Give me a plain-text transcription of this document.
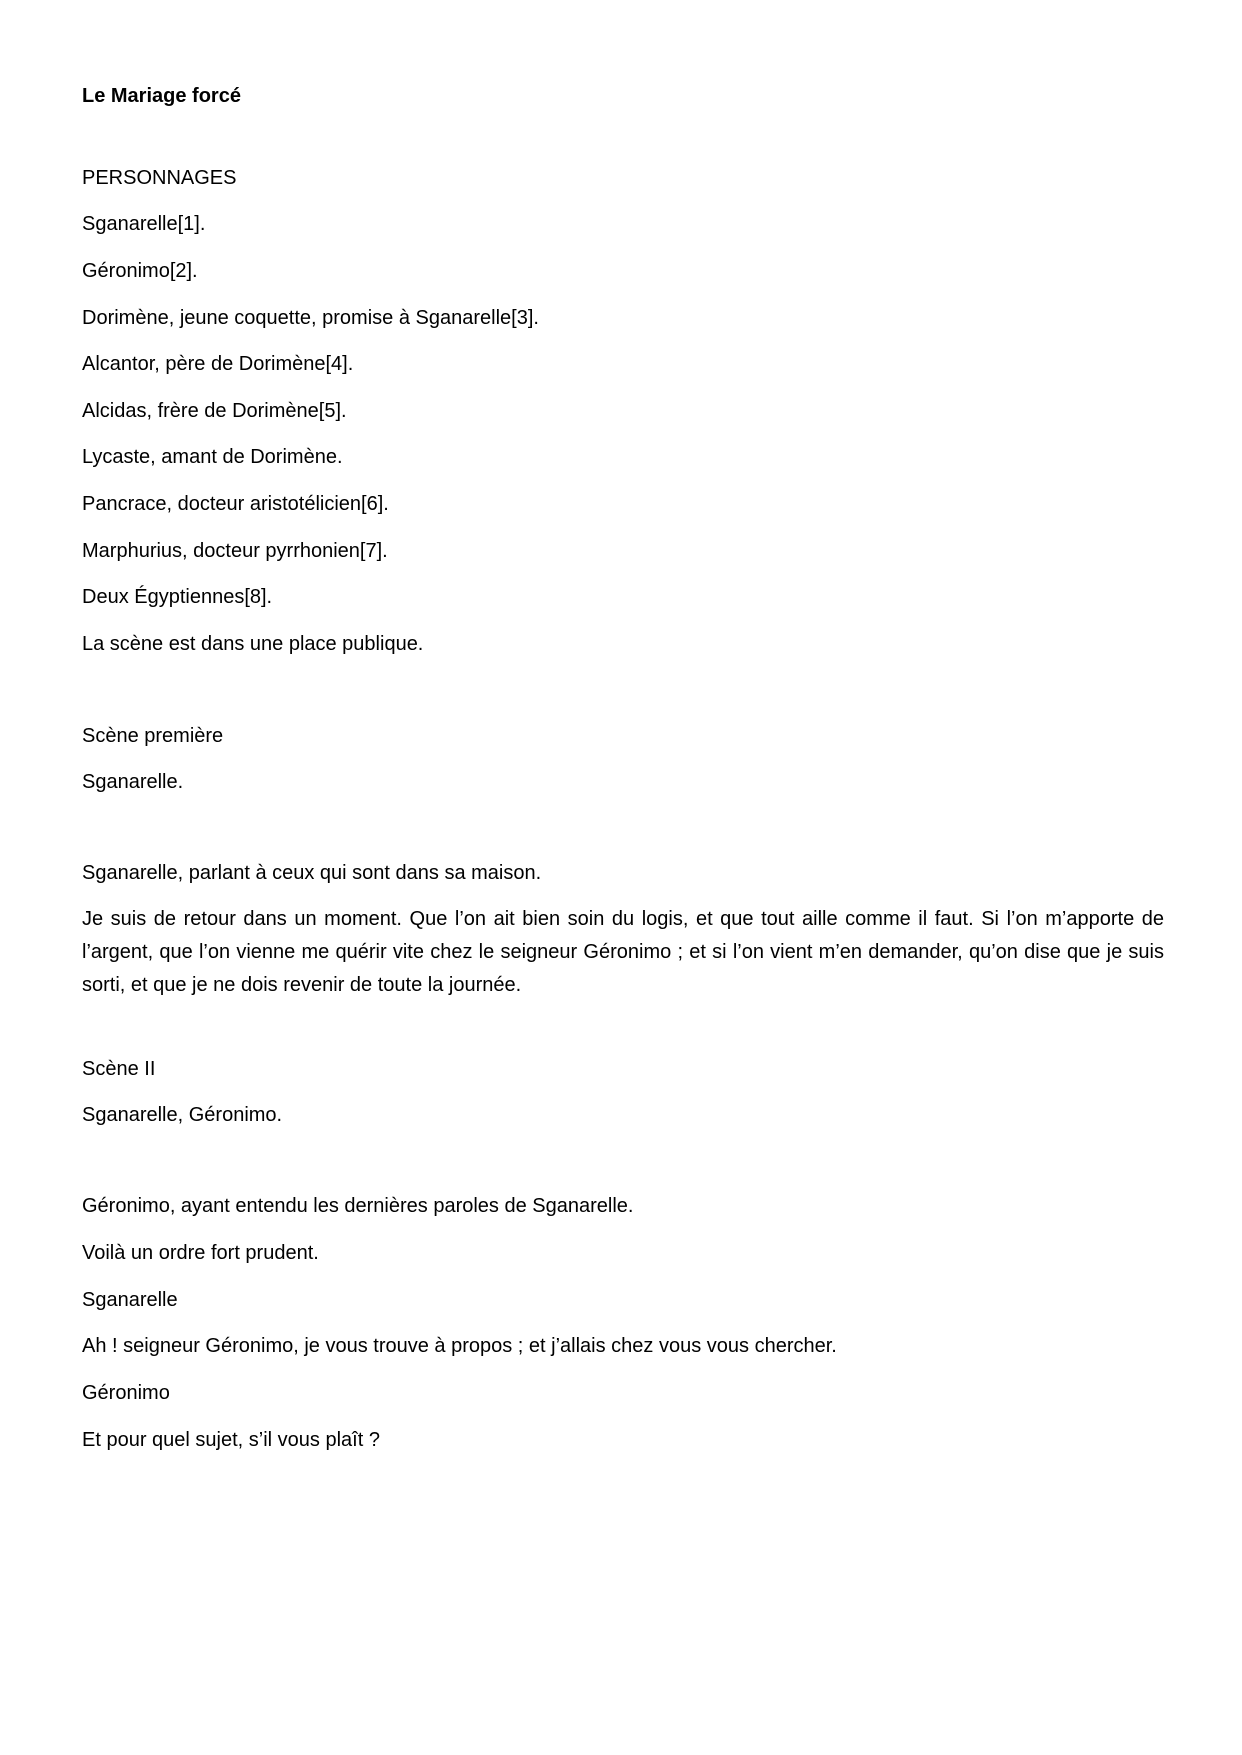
Le Mariage forcé

PERSONNAGES

Sganarelle[1].

Géronimo[2].

Dorimène, jeune coquette, promise à Sganarelle[3].

Alcantor, père de Dorimène[4].

Alcidas, frère de Dorimène[5].

Lycaste, amant de Dorimène.

Pancrace, docteur aristotélicien[6].

Marphurius, docteur pyrrhonien[7].

Deux Égyptiennes[8].

La scène est dans une place publique.

Scène première

Sganarelle.

Sganarelle, parlant à ceux qui sont dans sa maison.

Je suis de retour dans un moment. Que l’on ait bien soin du logis, et que tout aille comme il faut. Si l’on m’apporte de l’argent, que l’on vienne me quérir vite chez le seigneur Géronimo ; et si l’on vient m’en demander, qu’on dise que je suis sorti, et que je ne dois revenir de toute la journée.

Scène II

Sganarelle, Géronimo.

Géronimo, ayant entendu les dernières paroles de Sganarelle.

Voilà un ordre fort prudent.

Sganarelle

Ah ! seigneur Géronimo, je vous trouve à propos ; et j’allais chez vous vous chercher.

Géronimo

Et pour quel sujet, s’il vous plaît ?
